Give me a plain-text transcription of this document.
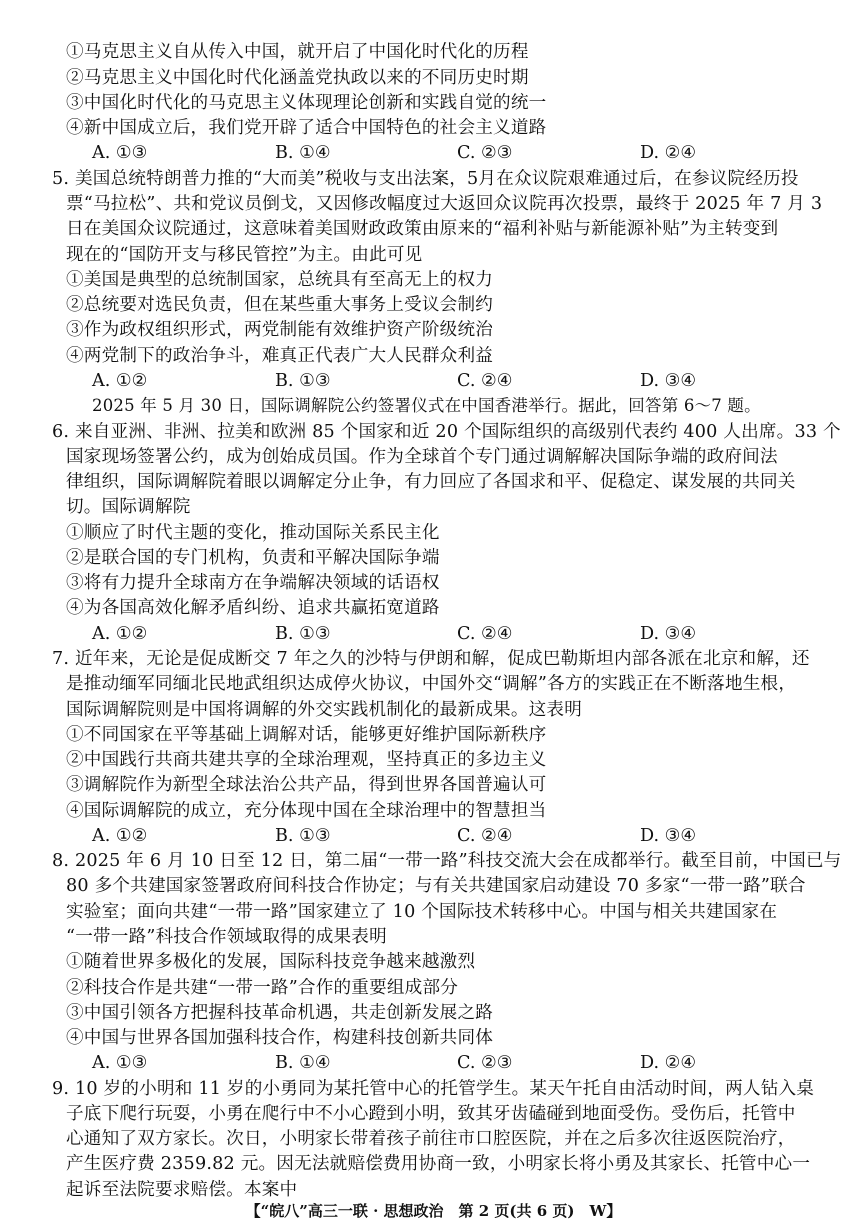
①马克思主义自从传入中国，就开启了中国化时代化的历程
②马克思主义中国化时代化涵盖党执政以来的不同历史时期
③中国化时代化的马克思主义体现理论创新和实践自觉的统一
④新中国成立后，我们党开辟了适合中国特色的社会主义道路
A. ①③	B. ①④	C. ②③	D. ②④
5. 美国总统特朗普力推的“大而美”税收与支出法案，5月在众议院艰难通过后，在参议院经历投
票“马拉松”、共和党议员倒戈，又因修改幅度过大返回众议院再次投票，最终于 2025 年 7 月 3
日在美国众议院通过，这意味着美国财政政策由原来的“福利补贴与新能源补贴”为主转变到
现在的“国防开支与移民管控”为主。由此可见
①美国是典型的总统制国家，总统具有至高无上的权力
②总统要对选民负责，但在某些重大事务上受议会制约
③作为政权组织形式，两党制能有效维护资产阶级统治
④两党制下的政治争斗，难真正代表广大人民群众利益
A. ①②	B. ①③	C. ②④	D. ③④
2025 年 5 月 30 日，国际调解院公约签署仪式在中国香港举行。据此，回答第 6～7 题。
6. 来自亚洲、非洲、拉美和欧洲 85 个国家和近 20 个国际组织的高级别代表约 400 人出席。33 个
国家现场签署公约，成为创始成员国。作为全球首个专门通过调解解决国际争端的政府间法
律组织，国际调解院着眼以调解定分止争，有力回应了各国求和平、促稳定、谋发展的共同关
切。国际调解院
①顺应了时代主题的变化，推动国际关系民主化
②是联合国的专门机构，负责和平解决国际争端
③将有力提升全球南方在争端解决领域的话语权
④为各国高效化解矛盾纠纷、追求共赢拓宽道路
A. ①②	B. ①③	C. ②④	D. ③④
7. 近年来，无论是促成断交 7 年之久的沙特与伊朗和解，促成巴勒斯坦内部各派在北京和解，还
是推动缅军同缅北民地武组织达成停火协议，中国外交“调解”各方的实践正在不断落地生根，
国际调解院则是中国将调解的外交实践机制化的最新成果。这表明
①不同国家在平等基础上调解对话，能够更好维护国际新秩序
②中国践行共商共建共享的全球治理观，坚持真正的多边主义
③调解院作为新型全球法治公共产品，得到世界各国普遍认可
④国际调解院的成立，充分体现中国在全球治理中的智慧担当
A. ①②	B. ①③	C. ②④	D. ③④
8. 2025 年 6 月 10 日至 12 日，第二届“一带一路”科技交流大会在成都举行。截至目前，中国已与
80 多个共建国家签署政府间科技合作协定；与有关共建国家启动建设 70 多家“一带一路”联合
实验室；面向共建“一带一路”国家建立了 10 个国际技术转移中心。中国与相关共建国家在
“一带一路”科技合作领域取得的成果表明
①随着世界多极化的发展，国际科技竞争越来越激烈
②科技合作是共建“一带一路”合作的重要组成部分
③中国引领各方把握科技革命机遇，共走创新发展之路
④中国与世界各国加强科技合作，构建科技创新共同体
A. ①③	B. ①④	C. ②③	D. ②④
9. 10 岁的小明和 11 岁的小勇同为某托管中心的托管学生。某天午托自由活动时间，两人钻入桌
子底下爬行玩耍，小勇在爬行中不小心蹬到小明，致其牙齿磕碰到地面受伤。受伤后，托管中
心通知了双方家长。次日，小明家长带着孩子前往市口腔医院，并在之后多次往返医院治疗，
产生医疗费 2359.82 元。因无法就赔偿费用协商一致，小明家长将小勇及其家长、托管中心一
起诉至法院要求赔偿。本案中
【“皖八”高三一联 · 思想政治　第 2 页(共 6 页)　W】
